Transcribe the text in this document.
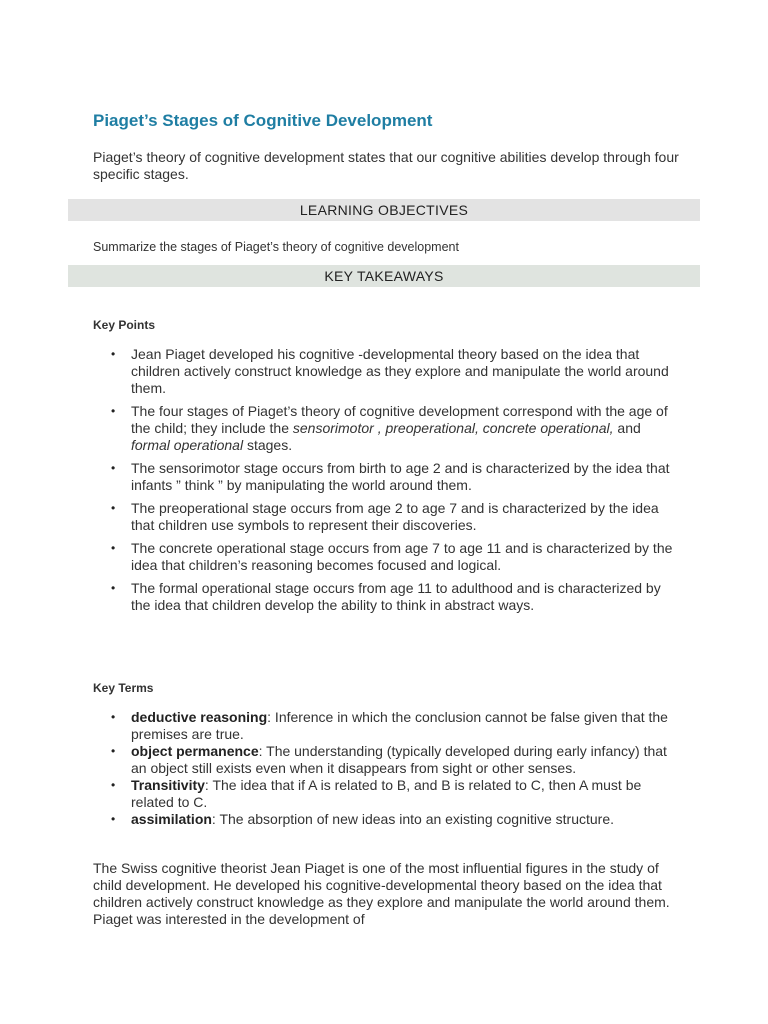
Piaget’s Stages of Cognitive Development

Piaget’s theory of cognitive development states that our cognitive abilities develop through four specific stages.

LEARNING OBJECTIVES

Summarize the stages of Piaget’s theory of cognitive development

KEY TAKEAWAYS

Key Points

• Jean Piaget developed his cognitive -developmental theory based on the idea that children actively construct knowledge as they explore and manipulate the world around them.
• The four stages of Piaget’s theory of cognitive development correspond with the age of the child; they include the sensorimotor , preoperational, concrete operational, and formal operational stages.
• The sensorimotor stage occurs from birth to age 2 and is characterized by the idea that infants ” think ” by manipulating the world around them.
• The preoperational stage occurs from age 2 to age 7 and is characterized by the idea that children use symbols to represent their discoveries.
• The concrete operational stage occurs from age 7 to age 11 and is characterized by the idea that children’s reasoning becomes focused and logical.
• The formal operational stage occurs from age 11 to adulthood and is characterized by the idea that children develop the ability to think in abstract ways.

Key Terms

• deductive reasoning: Inference in which the conclusion cannot be false given that the premises are true.
• object permanence: The understanding (typically developed during early infancy) that an object still exists even when it disappears from sight or other senses.
• Transitivity: The idea that if A is related to B, and B is related to C, then A must be related to C.
• assimilation: The absorption of new ideas into an existing cognitive structure.

The Swiss cognitive theorist Jean Piaget is one of the most influential figures in the study of child development. He developed his cognitive-developmental theory based on the idea that children actively construct knowledge as they explore and manipulate the world around them. Piaget was interested in the development of
